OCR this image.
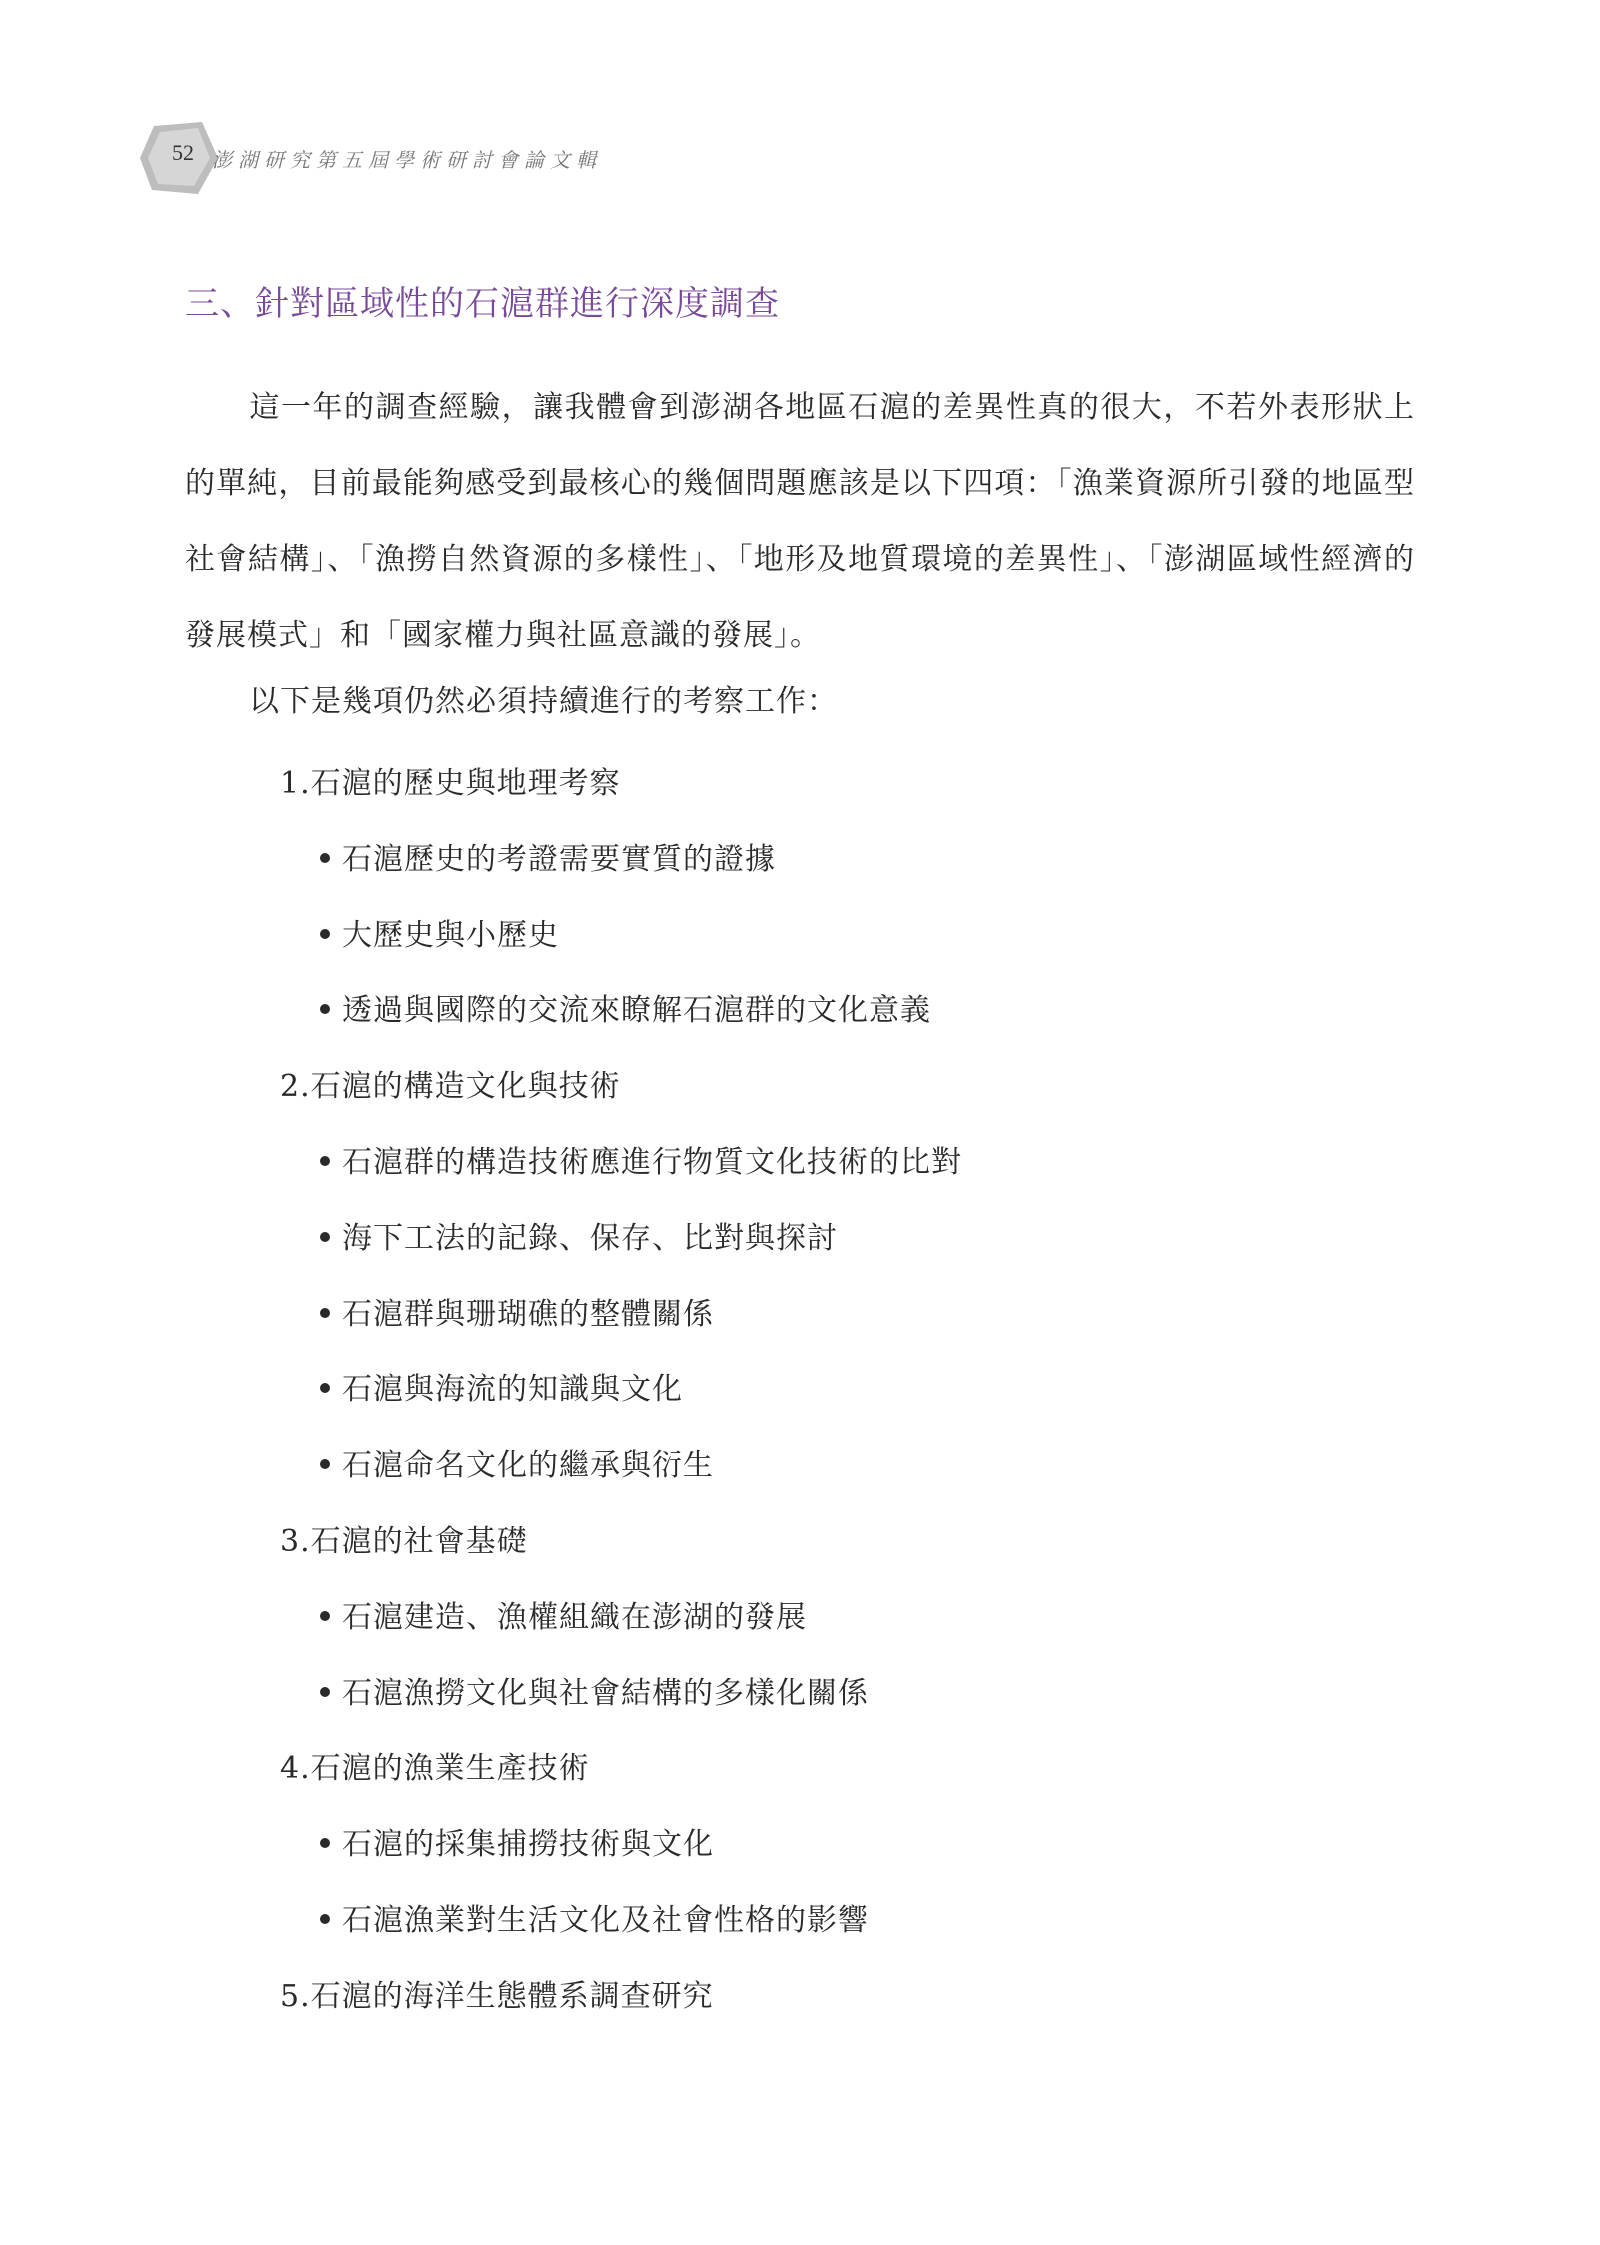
52 澎湖研究第五屆學術研討會論文輯
三、針對區域性的石滬群進行深度調查
這一年的調查經驗，讓我體會到澎湖各地區石滬的差異性真的很大，不若外表形狀上的單純，目前最能夠感受到最核心的幾個問題應該是以下四項：「漁業資源所引發的地區型社會結構」、「漁撈自然資源的多樣性」、「地形及地質環境的差異性」、「澎湖區域性經濟的發展模式」和「國家權力與社區意識的發展」。
以下是幾項仍然必須持續進行的考察工作：
1.石滬的歷史與地理考察
石滬歷史的考證需要實質的證據
大歷史與小歷史
透過與國際的交流來瞭解石滬群的文化意義
2.石滬的構造文化與技術
石滬群的構造技術應進行物質文化技術的比對
海下工法的記錄、保存、比對與探討
石滬群與珊瑚礁的整體關係
石滬與海流的知識與文化
石滬命名文化的繼承與衍生
3.石滬的社會基礎
石滬建造、漁權組織在澎湖的發展
石滬漁撈文化與社會結構的多樣化關係
4.石滬的漁業生產技術
石滬的採集捕撈技術與文化
石滬漁業對生活文化及社會性格的影響
5.石滬的海洋生態體系調查研究
